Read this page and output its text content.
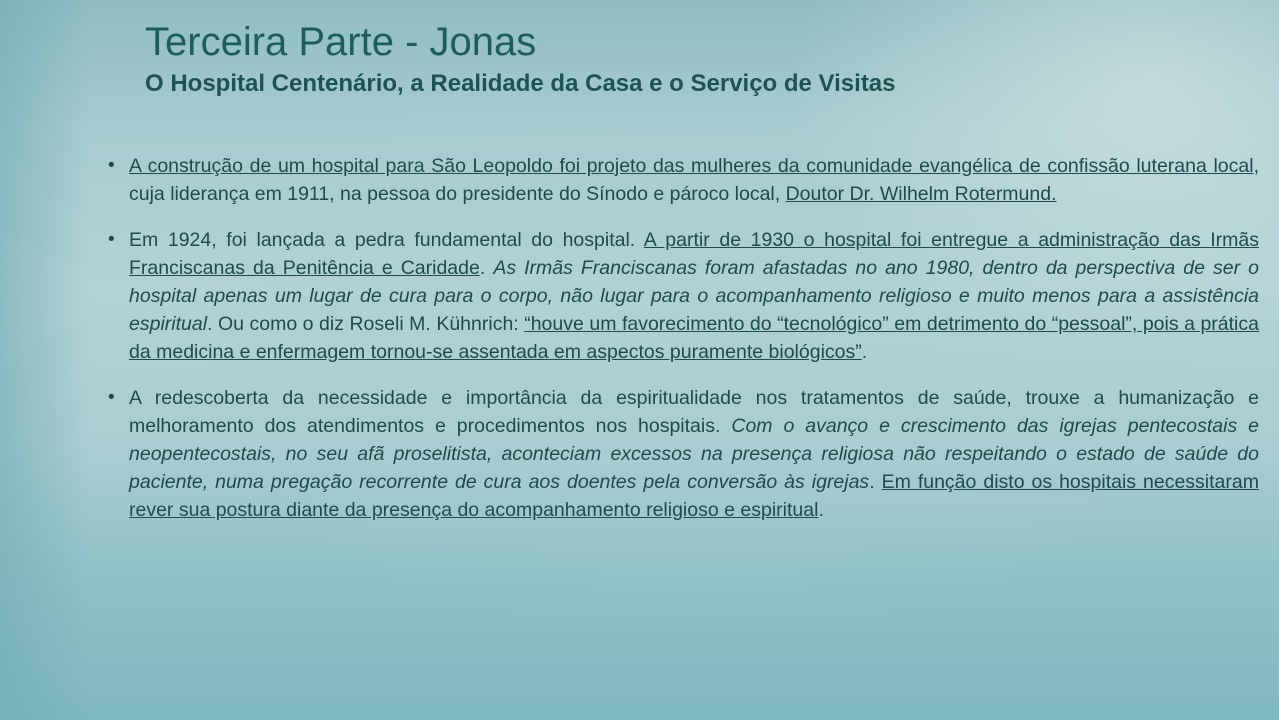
Terceira Parte - Jonas
O Hospital Centenário, a Realidade da Casa e o Serviço de Visitas
• A construção de um hospital para São Leopoldo foi projeto das mulheres da comunidade evangélica de confissão luterana local, cuja liderança em 1911, na pessoa do presidente do Sínodo e pároco local, Doutor Dr. Wilhelm Rotermund.
• Em 1924, foi lançada a pedra fundamental do hospital. A partir de 1930 o hospital foi entregue a administração das Irmãs Franciscanas da Penitência e Caridade. As Irmãs Franciscanas foram afastadas no ano 1980, dentro da perspectiva de ser o hospital apenas um lugar de cura para o corpo, não lugar para o acompanhamento religioso e muito menos para a assistência espiritual. Ou como o diz Roseli M. Kühnrich: “houve um favorecimento do “tecnológico” em detrimento do “pessoal”, pois a prática da medicina e enfermagem tornou-se assentada em aspectos puramente biológicos”.
• A redescoberta da necessidade e importância da espiritualidade nos tratamentos de saúde, trouxe a humanização e melhoramento dos atendimentos e procedimentos nos hospitais. Com o avanço e crescimento das igrejas pentecostais e neopentecostais, no seu afã proselitista, aconteciam excessos na presença religiosa não respeitando o estado de saúde do paciente, numa pregação recorrente de cura aos doentes pela conversão às igrejas. Em função disto os hospitais necessitaram rever sua postura diante da presença do acompanhamento religioso e espiritual.
